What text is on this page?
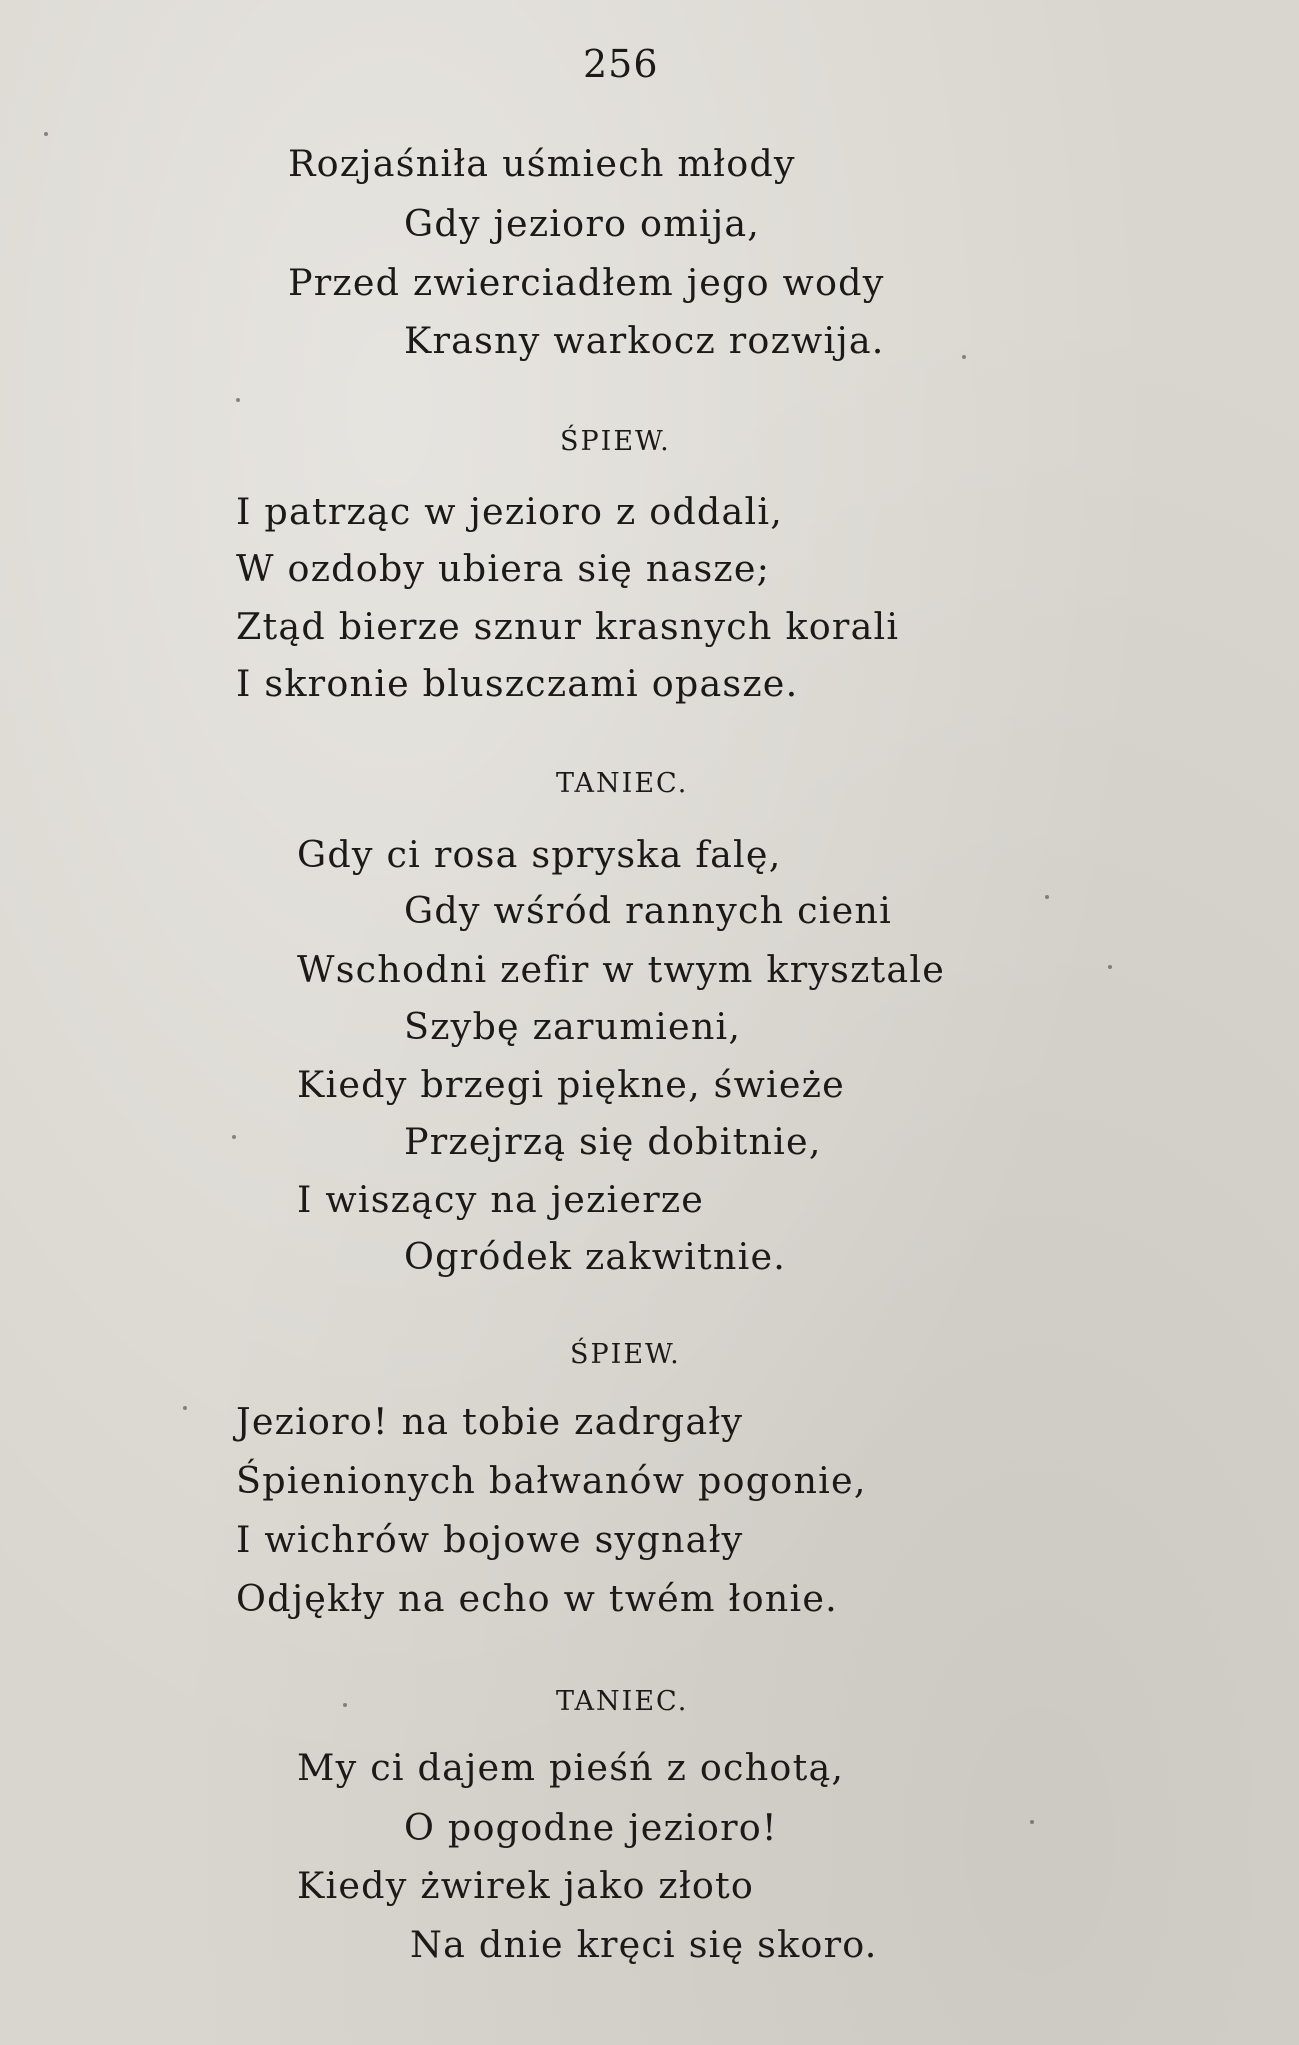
256
Rozjaśniła uśmiech młody
Gdy jezioro omija,
Przed zwierciadłem jego wody
Krasny warkocz rozwija.
ŚPIEW.
I patrząc w jezioro z oddali,
W ozdoby ubiera się nasze;
Ztąd bierze sznur krasnych korali
I skronie bluszczami opasze.
TANIEC.
Gdy ci rosa spryska falę,
Gdy wśród rannych cieni
Wschodni zefir w twym krysztale
Szybę zarumieni,
Kiedy brzegi piękne, świeże
Przejrzą się dobitnie,
I wiszący na jezierze
Ogródek zakwitnie.
ŚPIEW.
Jezioro! na tobie zadrgały
Śpienionych bałwanów pogonie,
I wichrów bojowe sygnały
Odjękły na echo w twém łonie.
TANIEC.
My ci dajem pieśń z ochotą,
O pogodne jezioro!
Kiedy żwirek jako złoto
Na dnie kręci się skoro.
